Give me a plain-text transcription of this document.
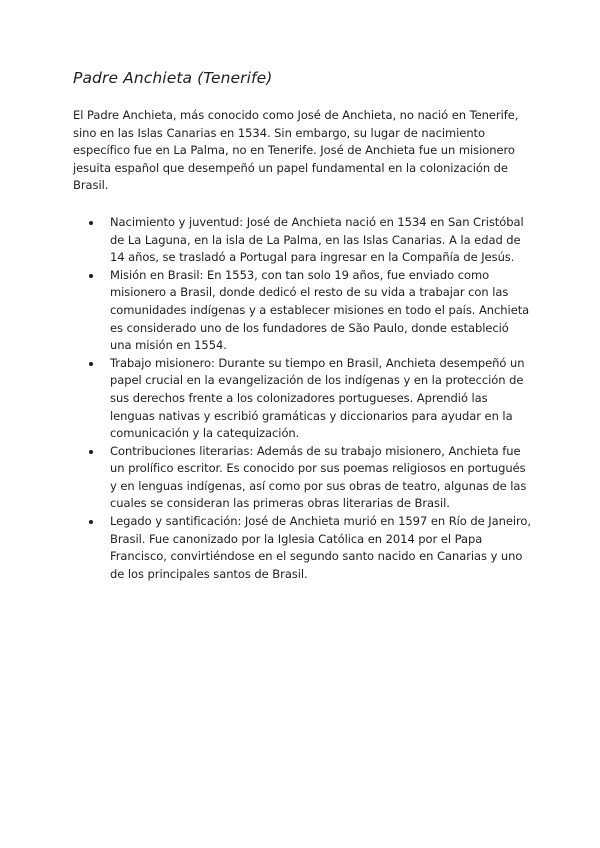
Padre Anchieta (Tenerife)

El Padre Anchieta, más conocido como José de Anchieta, no nació en Tenerife, sino en las Islas Canarias en 1534. Sin embargo, su lugar de nacimiento específico fue en La Palma, no en Tenerife. José de Anchieta fue un misionero jesuita español que desempeñó un papel fundamental en la colonización de Brasil.

Nacimiento y juventud: José de Anchieta nació en 1534 en San Cristóbal de La Laguna, en la isla de La Palma, en las Islas Canarias. A la edad de 14 años, se trasladó a Portugal para ingresar en la Compañía de Jesús.
Misión en Brasil: En 1553, con tan solo 19 años, fue enviado como misionero a Brasil, donde dedicó el resto de su vida a trabajar con las comunidades indígenas y a establecer misiones en todo el país. Anchieta es considerado uno de los fundadores de São Paulo, donde estableció una misión en 1554.
Trabajo misionero: Durante su tiempo en Brasil, Anchieta desempeñó un papel crucial en la evangelización de los indígenas y en la protección de sus derechos frente a los colonizadores portugueses. Aprendió las lenguas nativas y escribió gramáticas y diccionarios para ayudar en la comunicación y la catequización.
Contribuciones literarias: Además de su trabajo misionero, Anchieta fue un prolífico escritor. Es conocido por sus poemas religiosos en portugués y en lenguas indígenas, así como por sus obras de teatro, algunas de las cuales se consideran las primeras obras literarias de Brasil.
Legado y santificación: José de Anchieta murió en 1597 en Río de Janeiro, Brasil. Fue canonizado por la Iglesia Católica en 2014 por el Papa Francisco, convirtiéndose en el segundo santo nacido en Canarias y uno de los principales santos de Brasil.
